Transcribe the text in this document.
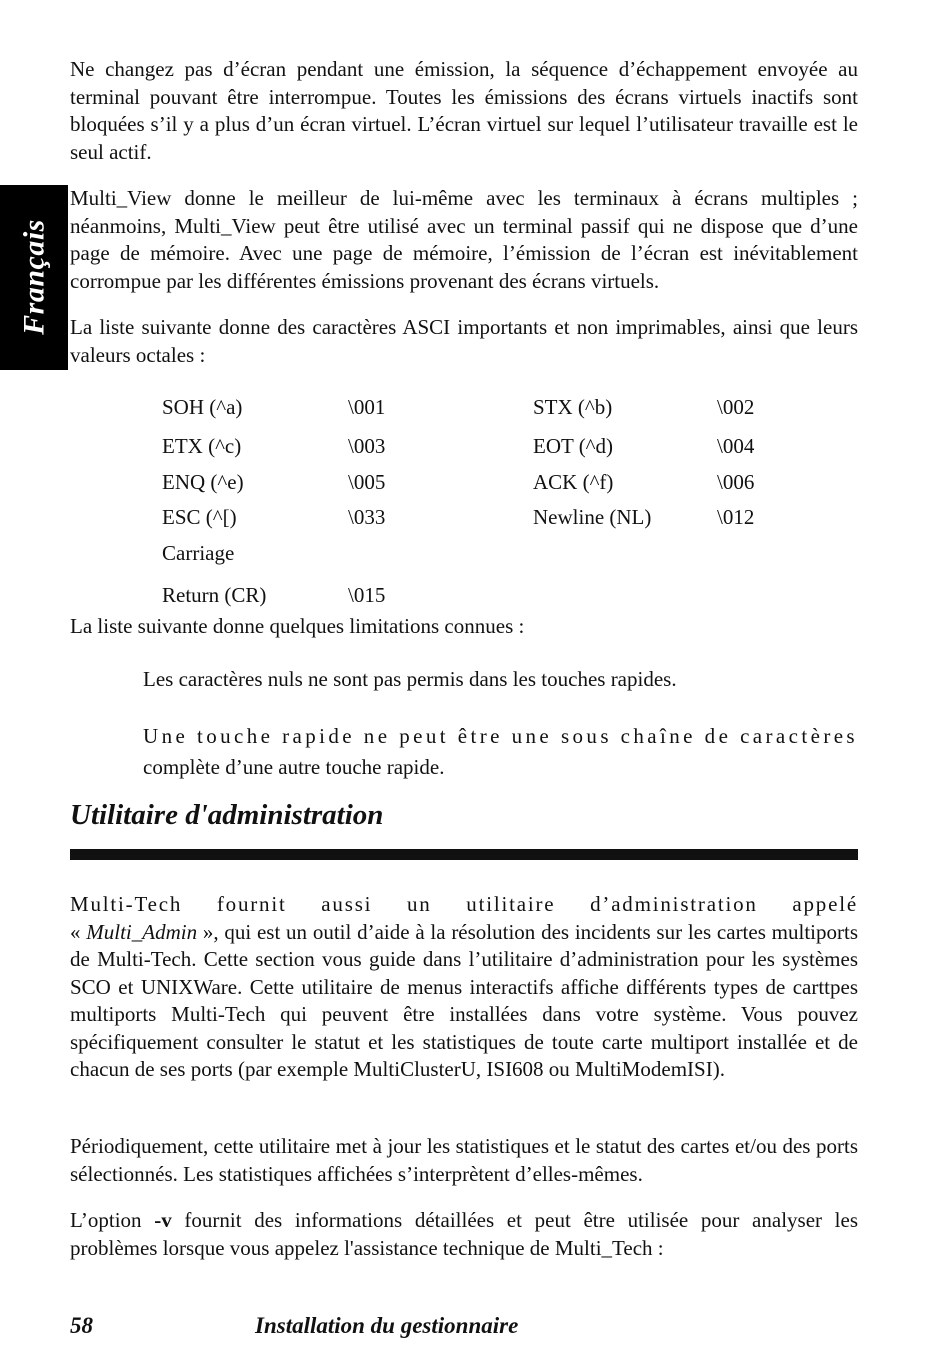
Français

Ne changez pas d’écran pendant une émission, la séquence d’échappement envoyée au terminal pouvant être interrompue. Toutes les émissions des écrans virtuels inactifs sont bloquées s’il y a plus d’un écran virtuel. L’écran virtuel sur lequel l’utilisateur travaille est le seul actif.

Multi_View donne le meilleur de lui-même avec les terminaux à écrans multiples ; néanmoins, Multi_View peut être utilisé avec un terminal passif qui ne dispose que d’une page de mémoire. Avec une page de mémoire, l’émission de l’écran est inévitablement corrompue par les différentes émissions provenant des écrans virtuels.

La liste suivante donne des caractères ASCI importants et non imprimables, ainsi que leurs valeurs octales :

SOH (^a)	\001	STX (^b)	\002
ETX (^c)	\003	EOT (^d)	\004
ENQ (^e)	\005	ACK (^f)	\006
ESC (^[)	\033	Newline (NL)	\012
Carriage
Return (CR)	\015

La liste suivante donne quelques limitations connues :

Les caractères nuls ne sont pas permis dans les touches rapides.

Une touche rapide ne peut être une sous chaîne de caractères
complète d’une autre touche rapide.

Utilitaire d'administration

Multi-Tech fournit aussi un utilitaire d’administration appelé
« Multi_Admin », qui est un outil d’aide à la résolution des incidents sur les cartes multiports de Multi-Tech. Cette section vous guide dans l’utilitaire d’administration pour les systèmes SCO et UNIXWare. Cette utilitaire de menus interactifs affiche différents types de carttpes multiports Multi-Tech qui peuvent être installées dans votre système. Vous pouvez spécifiquement consulter le statut et les statistiques de toute carte multiport installée et de chacun de ses ports (par exemple MultiClusterU, ISI608 ou MultiModemISI).

Périodiquement, cette utilitaire met à jour les statistiques et le statut des cartes et/ou des ports sélectionnés. Les statistiques affichées s’interprètent d’elles-mêmes.

L’option -v fournit des informations détaillées et peut être utilisée pour analyser les problèmes lorsque vous appelez l'assistance technique de Multi_Tech :

58	Installation du gestionnaire
